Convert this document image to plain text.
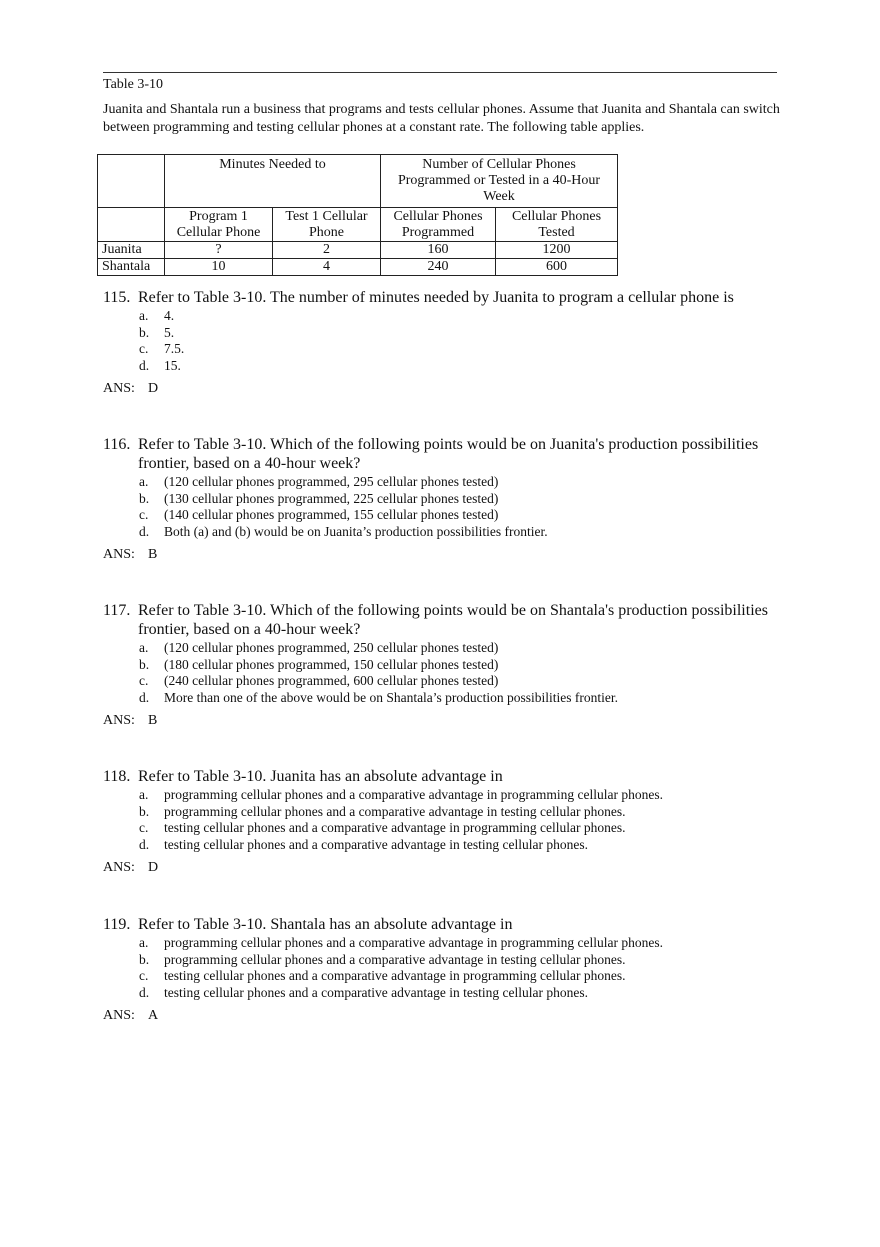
Table 3-10
Juanita and Shantala run a business that programs and tests cellular phones. Assume that Juanita and Shantala can switch between programming and testing cellular phones at a constant rate. The following table applies.
	Minutes Needed to		Number of Cellular Phones Programmed or Tested in a 40-Hour Week	
	Program 1 Cellular Phone	Test 1 Cellular Phone	Cellular Phones Programmed	Cellular Phones Tested
Juanita	?	2	160	1200
Shantala	10	4	240	600
115. Refer to Table 3-10. The number of minutes needed by Juanita to program a cellular phone is
a.	4.
b.	5.
c.	7.5.
d.	15.
ANS: D
116. Refer to Table 3-10. Which of the following points would be on Juanita's production possibilities frontier, based on a 40-hour week?
a.	(120 cellular phones programmed, 295 cellular phones tested)
b.	(130 cellular phones programmed, 225 cellular phones tested)
c.	(140 cellular phones programmed, 155 cellular phones tested)
d.	Both (a) and (b) would be on Juanita’s production possibilities frontier.
ANS: B
117. Refer to Table 3-10. Which of the following points would be on Shantala's production possibilities frontier, based on a 40-hour week?
a.	(120 cellular phones programmed, 250 cellular phones tested)
b.	(180 cellular phones programmed, 150 cellular phones tested)
c.	(240 cellular phones programmed, 600 cellular phones tested)
d.	More than one of the above would be on Shantala’s production possibilities frontier.
ANS: B
118. Refer to Table 3-10. Juanita has an absolute advantage in
a.	programming cellular phones and a comparative advantage in programming cellular phones.
b.	programming cellular phones and a comparative advantage in testing cellular phones.
c.	testing cellular phones and a comparative advantage in programming cellular phones.
d.	testing cellular phones and a comparative advantage in testing cellular phones.
ANS: D
119. Refer to Table 3-10. Shantala has an absolute advantage in
a.	programming cellular phones and a comparative advantage in programming cellular phones.
b.	programming cellular phones and a comparative advantage in testing cellular phones.
c.	testing cellular phones and a comparative advantage in programming cellular phones.
d.	testing cellular phones and a comparative advantage in testing cellular phones.
ANS: A
